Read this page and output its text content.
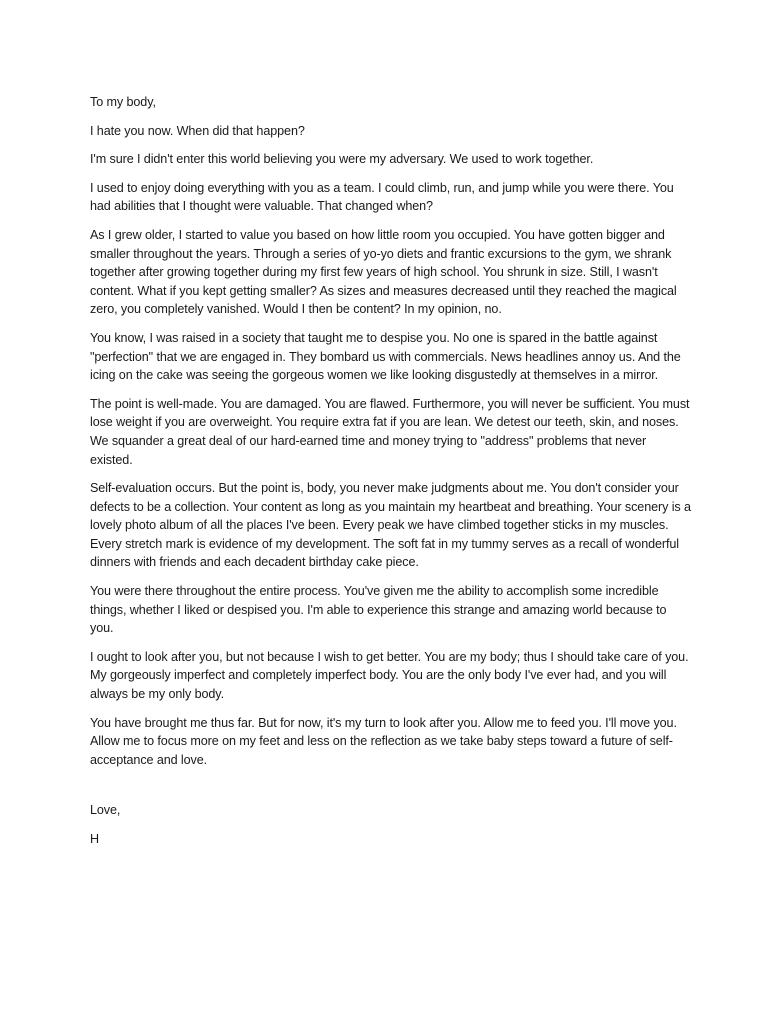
To my body,

I hate you now. When did that happen?

I'm sure I didn't enter this world believing you were my adversary. We used to work together.

I used to enjoy doing everything with you as a team. I could climb, run, and jump while you were there. You had abilities that I thought were valuable. That changed when?

As I grew older, I started to value you based on how little room you occupied. You have gotten bigger and smaller throughout the years. Through a series of yo-yo diets and frantic excursions to the gym, we shrank together after growing together during my first few years of high school. You shrunk in size. Still, I wasn't content. What if you kept getting smaller? As sizes and measures decreased until they reached the magical zero, you completely vanished. Would I then be content? In my opinion, no.

You know, I was raised in a society that taught me to despise you. No one is spared in the battle against "perfection" that we are engaged in. They bombard us with commercials. News headlines annoy us. And the icing on the cake was seeing the gorgeous women we like looking disgustedly at themselves in a mirror.

The point is well-made. You are damaged. You are flawed. Furthermore, you will never be sufficient. You must lose weight if you are overweight. You require extra fat if you are lean. We detest our teeth, skin, and noses. We squander a great deal of our hard-earned time and money trying to "address" problems that never existed.

Self-evaluation occurs. But the point is, body, you never make judgments about me. You don't consider your defects to be a collection. Your content as long as you maintain my heartbeat and breathing. Your scenery is a lovely photo album of all the places I've been. Every peak we have climbed together sticks in my muscles. Every stretch mark is evidence of my development. The soft fat in my tummy serves as a recall of wonderful dinners with friends and each decadent birthday cake piece.

You were there throughout the entire process. You've given me the ability to accomplish some incredible things, whether I liked or despised you. I'm able to experience this strange and amazing world because to you.

I ought to look after you, but not because I wish to get better. You are my body; thus I should take care of you. My gorgeously imperfect and completely imperfect body. You are the only body I've ever had, and you will always be my only body.

You have brought me thus far. But for now, it's my turn to look after you. Allow me to feed you. I'll move you. Allow me to focus more on my feet and less on the reflection as we take baby steps toward a future of self-acceptance and love.

Love,

H
